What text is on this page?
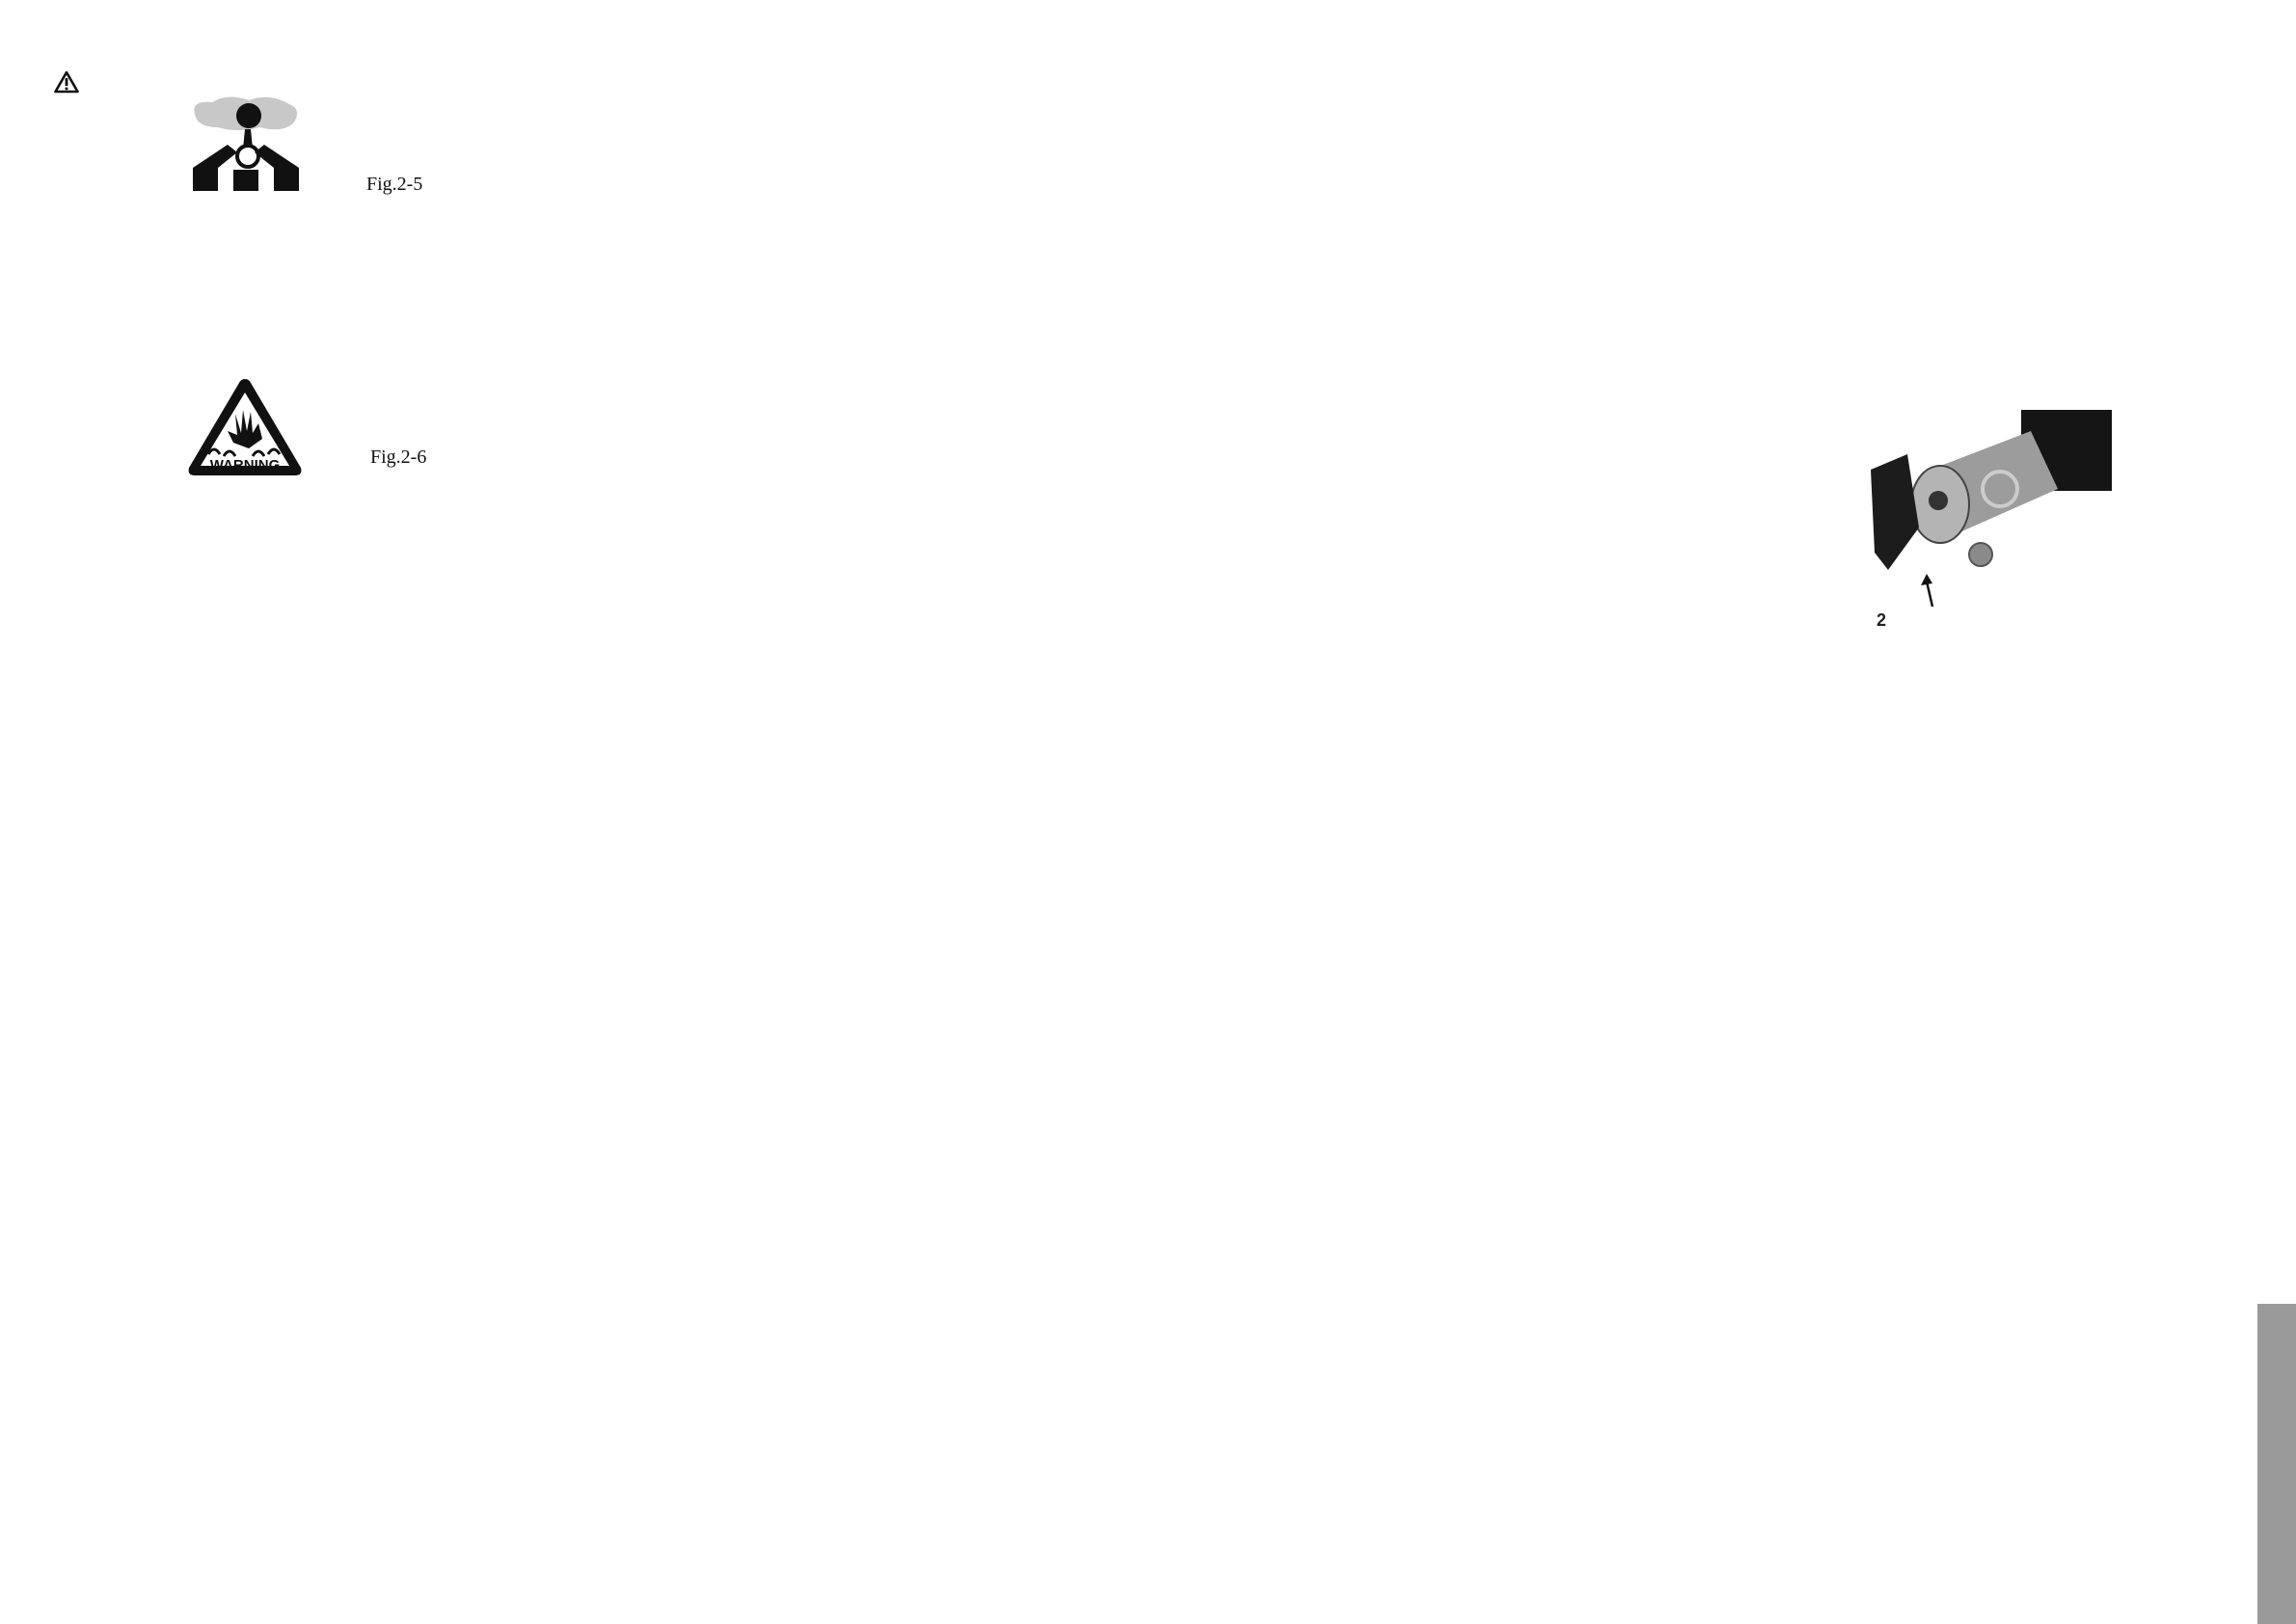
Fig.2-5
WARNING	Fig.2-6
2
